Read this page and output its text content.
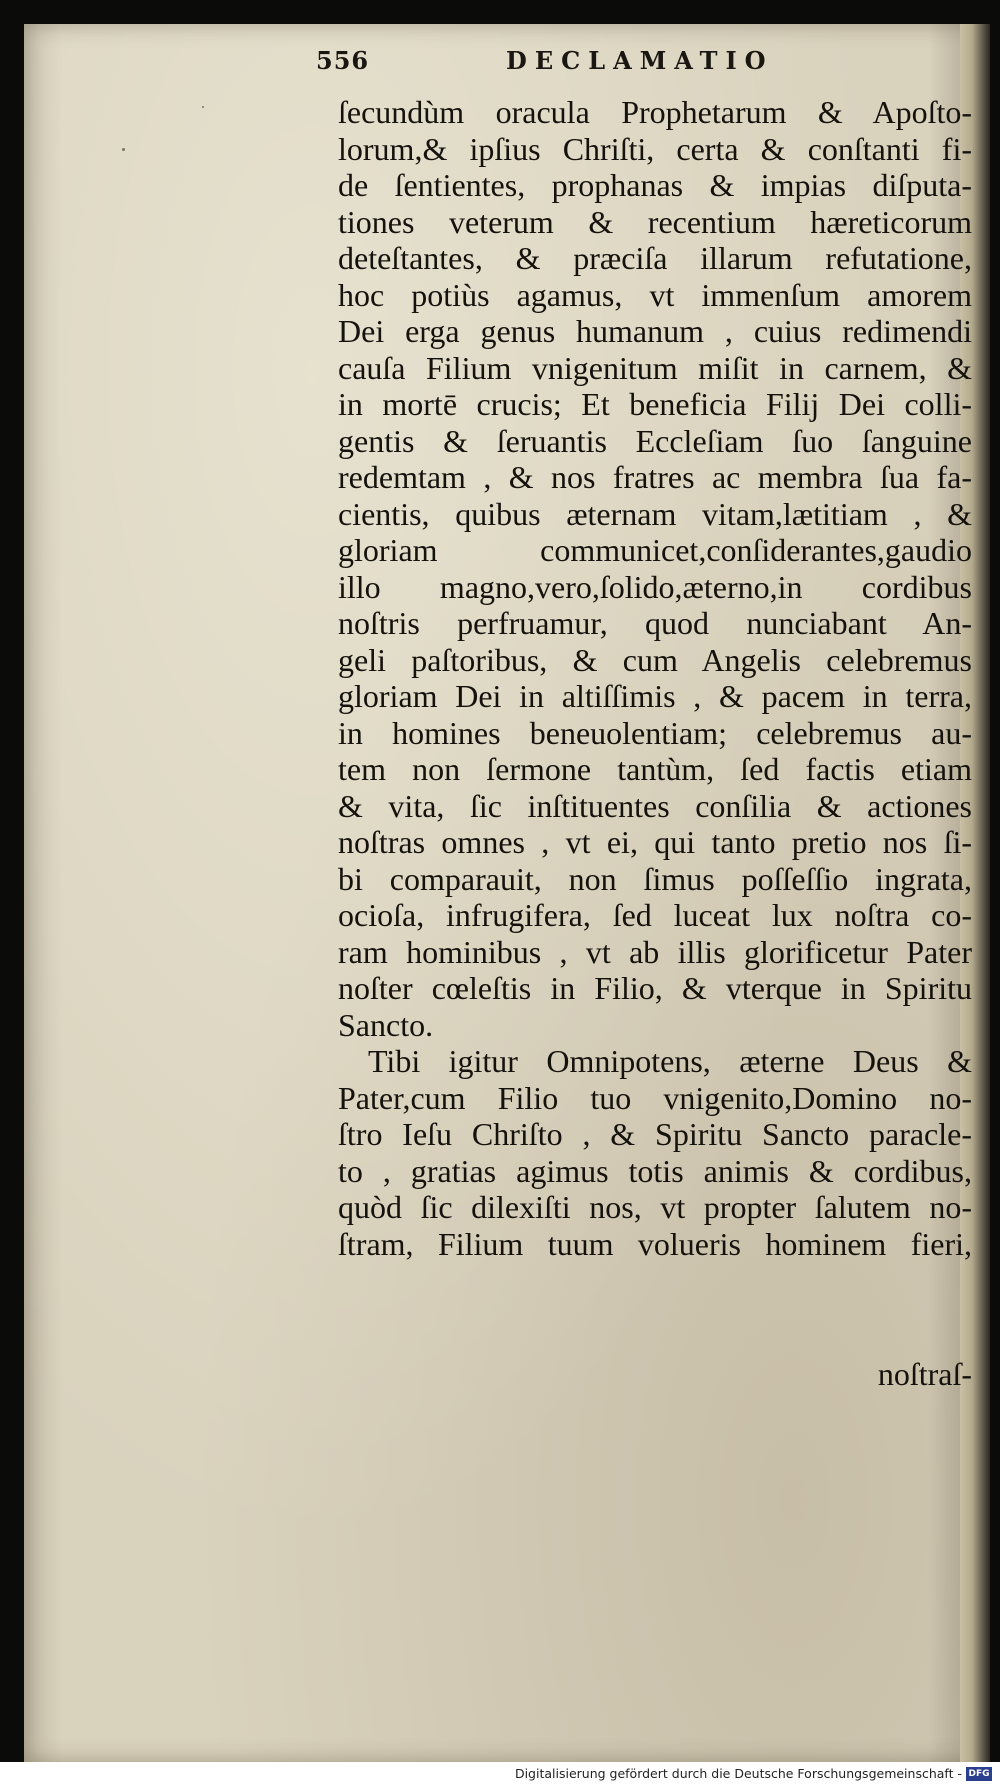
556	DECLAMATIO
ſecundùm oracula Prophetarum & Apoſto-
lorum,& ipſius Chriſti, certa & conſtanti fi-
de ſentientes, prophanas & impias diſputa-
tiones veterum & recentium hæreticorum
deteſtantes, & præciſa illarum refutatione,
hoc potiùs agamus, vt immenſum amorem
Dei erga genus humanum , cuius redimendi
cauſa Filium vnigenitum miſit in carnem, &
in mortē crucis; Et beneficia Filij Dei colli-
gentis & ſeruantis Eccleſiam ſuo ſanguine
redemtam , & nos fratres ac membra ſua fa-
cientis, quibus æternam vitam,lætitiam , &
gloriam communicet,conſiderantes,gaudio
illo magno,vero,ſolido,æterno,in cordibus
noſtris perfruamur, quod nunciabant An-
geli paſtoribus, & cum Angelis celebremus
gloriam Dei in altiſſimis , & pacem in terra,
in homines beneuolentiam; celebremus au-
tem non ſermone tantùm, ſed factis etiam
& vita, ſic inſtituentes conſilia & actiones
noſtras omnes , vt ei, qui tanto pretio nos ſi-
bi comparauit, non ſimus poſſeſſio ingrata,
ocioſa, infrugifera, ſed luceat lux noſtra co-
ram hominibus , vt ab illis glorificetur Pater
noſter cœleſtis in Filio, & vterque in Spiritu
Sancto.
Tibi igitur Omnipotens, æterne Deus &
Pater,cum Filio tuo vnigenito,Domino no-
ſtro Ieſu Chriſto , & Spiritu Sancto paracle-
to , gratias agimus totis animis & cordibus,
quòd ſic dilexiſti nos, vt propter ſalutem no-
ſtram, Filium tuum volueris hominem fieri,
noſtraſ-
Digitalisierung gefördert durch die Deutsche Forschungsgemeinschaft - DFG
